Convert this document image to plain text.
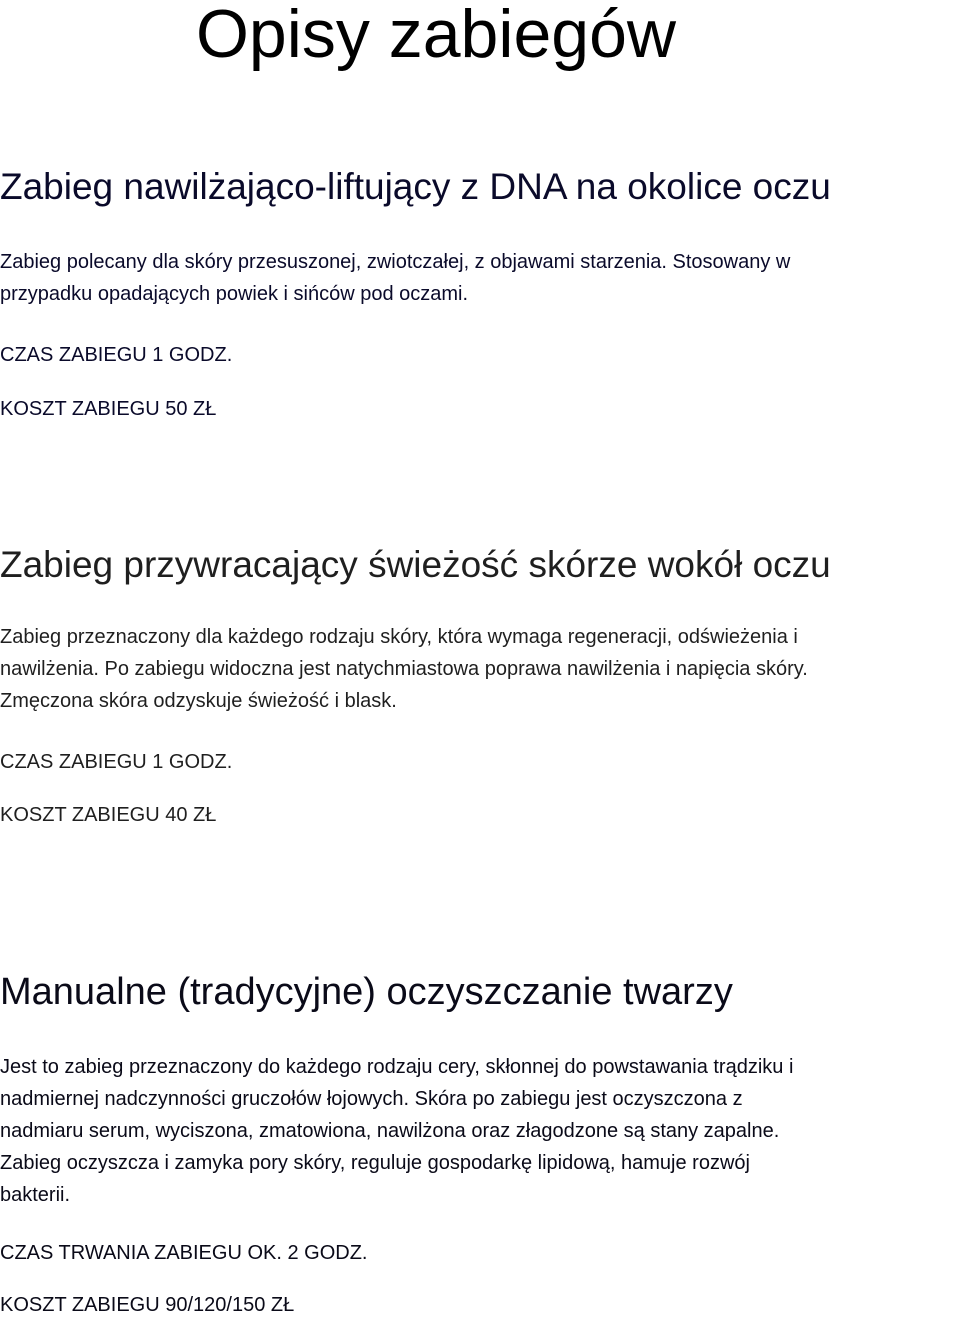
Opisy zabiegów
Zabieg nawilżająco-liftujący z DNA na okolice oczu

Zabieg polecany dla skóry przesuszonej, zwiotczałej, z objawami starzenia. Stosowany w
przypadku opadających powiek i sińców pod oczami.

CZAS ZABIEGU 1 GODZ.

KOSZT ZABIEGU 50 ZŁ

Zabieg przywracający świeżość skórze wokół oczu

Zabieg przeznaczony dla każdego rodzaju skóry, która wymaga regeneracji, odświeżenia i
nawilżenia. Po zabiegu widoczna jest natychmiastowa poprawa nawilżenia i napięcia skóry.
Zmęczona skóra odzyskuje świeżość i blask.

CZAS ZABIEGU 1 GODZ.

KOSZT ZABIEGU 40 ZŁ

Manualne (tradycyjne) oczyszczanie twarzy

Jest to zabieg przeznaczony do każdego rodzaju cery, skłonnej do powstawania trądziku i
nadmiernej nadczynności gruczołów łojowych. Skóra po zabiegu jest oczyszczona z
nadmiaru serum, wyciszona, zmatowiona, nawilżona oraz złagodzone są stany zapalne.
Zabieg oczyszcza i zamyka pory skóry, reguluje gospodarkę lipidową, hamuje rozwój
bakterii.

CZAS TRWANIA ZABIEGU OK. 2 GODZ.

KOSZT ZABIEGU 90/120/150 ZŁ
